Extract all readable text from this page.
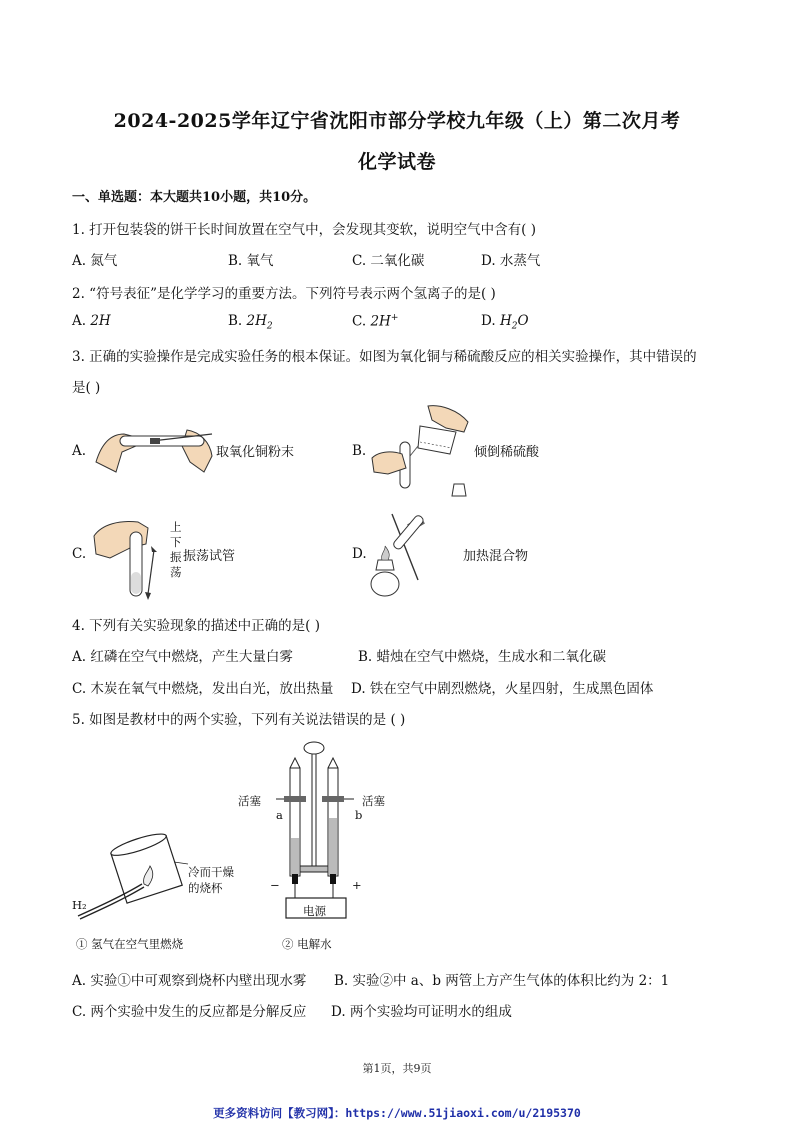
2024-2025学年辽宁省沈阳市部分学校九年级（上）第二次月考
化学试卷
一、单选题：本大题共10小题，共10分。
1. 打开包装袋的饼干长时间放置在空气中，会发现其变软，说明空气中含有( )
A. 氮气	B. 氧气	C. 二氧化碳	D. 水蒸气
2. “符号表征”是化学学习的重要方法。下列符号表示两个氢离子的是( )
A. 2H	B. $2H_2$	C. 2H+	D. $H_2O$
3. 正确的实验操作是完成实验任务的根本保证。如图为氧化铜与稀硫酸反应的相关实验操作，其中错误的
是( )
A.	取氧化铜粉末	B.	倾倒稀硫酸
C.
上
下
振
荡
振荡试管	D.	加热混合物
4. 下列有关实验现象的描述中正确的是( )
A. 红磷在空气中燃烧，产生大量白雾	B. 蜡烛在空气中燃烧，生成水和二氧化碳
C. 木炭在氧气中燃烧，发出白光，放出热量 D. 铁在空气中剧烈燃烧，火星四射，生成黑色固体
5. 如图是教材中的两个实验，下列有关说法错误的是 ( )
H₂
冷而干燥
的烧杯
活塞	活塞
a	b
−	+
电源
① 氢气在空气里燃烧	② 电解水
A. 实验①中可观察到烧杯内壁出现水雾 B. 实验②中 a、b 两管上方产生气体的体积比约为 2：1
C. 两个实验中发生的反应都是分解反应 D. 两个实验均可证明水的组成
第1页，共9页
更多资料访问【教习网】：https://www.51jiaoxi.com/u/2195370
